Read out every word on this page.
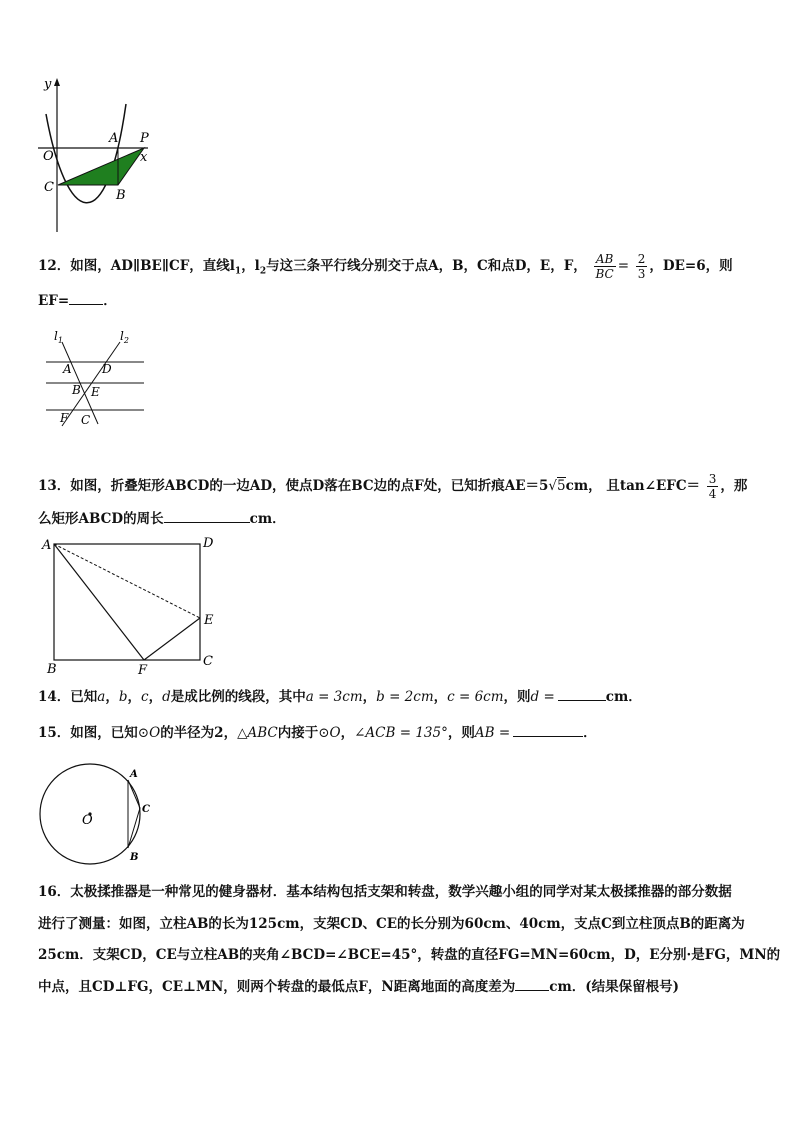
y
O
A P
x
C
B
12．如图，AD∥BE∥CF，直线$l_1$，$l_2$与这三条平行线分别交于点A，B，C和点D，E，F， $\frac{AB}{BC} = \frac{2}{3}$ ，DE=6，则
EF=	．
$l_1$	$l_2$
A	D
B E
F C
13．如图，折叠矩形ABCD的一边AD，使点D落在BC边的点F处，已知折痕AE＝5√5cm， 且tan∠EFC＝ $\frac{3}{4}$ ，那
么矩形ABCD的周长	cm．
A	D
E
B	F
C
14．已知a，b，c，d是成比例的线段，其中a = 3cm，b = 2cm，c = 6cm，则d =	cm．
15．如图，已知⊙O的半径为2，△ABC内接于⊙O，∠ACB = 135°，则AB =	．
O
A
C
B
16．太极揉推器是一种常见的健身器材．基本结构包括支架和转盘，数学兴趣小组的同学对某太极揉推器的部分数据
进行了测量：如图，立柱AB的长为125cm，支架CD、CE的长分别为60cm、40cm，支点C到立柱顶点B的距离为
25cm．支架CD，CE与立柱AB的夹角∠BCD=∠BCE=45°，转盘的直径FG=MN=60cm，D，E分别·是FG，MN的
中点，且CD⊥FG，CE⊥MN，则两个转盘的最低点F，N距离地面的高度差为	cm．(结果保留根号)
